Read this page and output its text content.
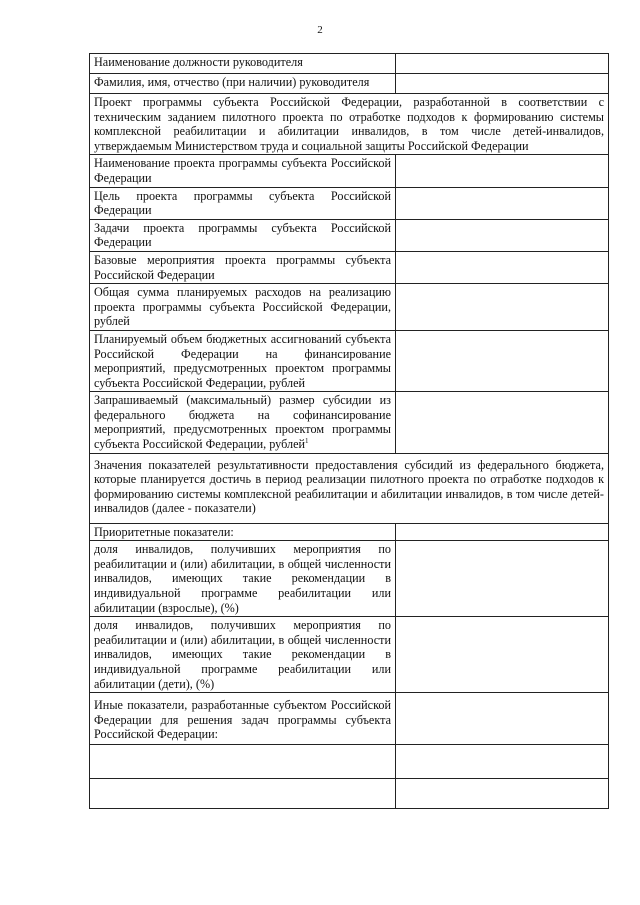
2
Наименование должности руководителя	
Фамилия, имя, отчество (при наличии) руководителя	
Проект программы субъекта Российской Федерации, разработанной в соответствии с техническим заданием пилотного проекта по отработке подходов к формированию системы комплексной реабилитации и абилитации инвалидов, в том числе детей-инвалидов, утверждаемым Министерством труда и социальной защиты Российской Федерации	
Наименование проекта программы субъекта Российской Федерации	
Цель проекта программы субъекта Российской Федерации	
Задачи проекта программы субъекта Российской Федерации	
Базовые мероприятия проекта программы субъекта Российской Федерации	
Общая сумма планируемых расходов на реализацию проекта программы субъекта Российской Федерации, рублей	
Планируемый объем бюджетных ассигнований субъекта Российской Федерации на финансирование мероприятий, предусмотренных проектом программы субъекта Российской Федерации, рублей	
Запрашиваемый (максимальный) размер субсидии из федерального бюджета на софинансирование мероприятий, предусмотренных проектом программы субъекта Российской Федерации, рублей$^1$	
Значения показателей результативности предоставления субсидий из федерального бюджета, которые планируется достичь в период реализации пилотного проекта по отработке подходов к формированию системы комплексной реабилитации и абилитации инвалидов, в том числе детей-инвалидов (далее - показатели)	
Приоритетные показатели:	
доля инвалидов, получивших мероприятия по реабилитации и (или) абилитации, в общей численности инвалидов, имеющих такие рекомендации в индивидуальной программе реабилитации или абилитации (взрослые), (%)	
доля инвалидов, получивших мероприятия по реабилитации и (или) абилитации, в общей численности инвалидов, имеющих такие рекомендации в индивидуальной программе реабилитации или абилитации (дети), (%)	
Иные показатели, разработанные субъектом Российской Федерации для решения задач программы субъекта Российской Федерации:	
